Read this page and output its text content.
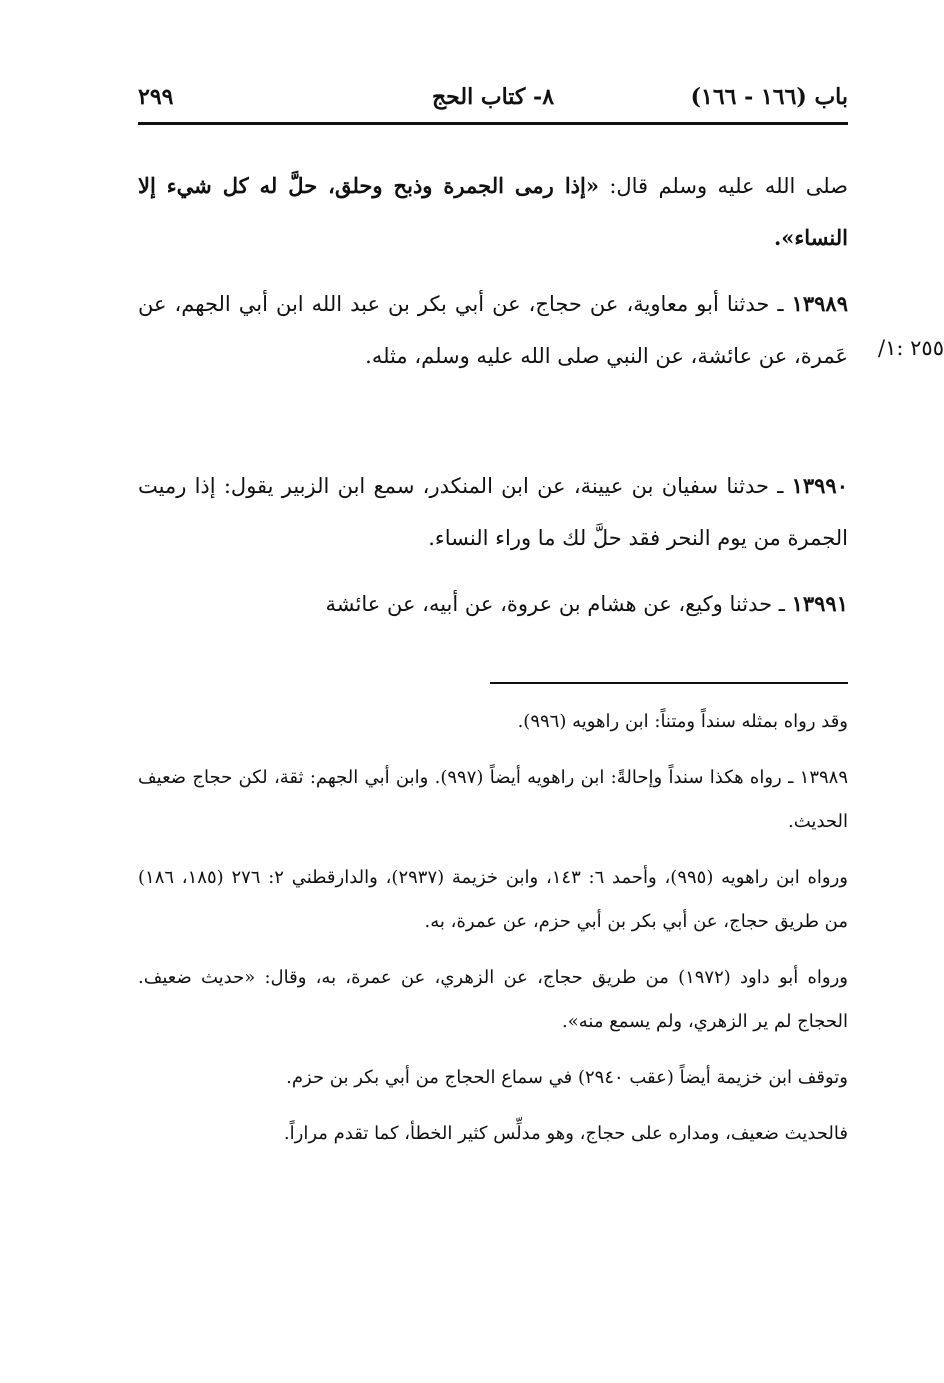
باب (١٦٦ - ١٦٦)
٨- كتاب الحج
٢٩٩

صلى الله عليه وسلم قال: «إذا رمى الجمرة وذبح وحلق، حلَّ له كل شيء إلا النساء».

١٣٩٨٩ ـ حدثنا أبو معاوية، عن حجاج، عن أبي بكر بن عبد الله ابن أبي الجهم، عن عَمرة، عن عائشة، عن النبي صلى الله عليه وسلم، مثله.	٢٥٥ :١/

١٣٩٩٠ ـ حدثنا سفيان بن عيينة، عن ابن المنكدر، سمع ابن الزبير يقول: إذا رميت الجمرة من يوم النحر فقد حلَّ لك ما وراء النساء.

١٣٩٩١ ـ حدثنا وكيع، عن هشام بن عروة، عن أبيه، عن عائشة

وقد رواه بمثله سنداً ومتناً: ابن راهويه (٩٩٦).

١٣٩٨٩ ـ رواه هكذا سنداً وإحالةً: ابن راهويه أيضاً (٩٩٧). وابن أبي الجهم: ثقة، لكن حجاج ضعيف الحديث.

ورواه ابن راهويه (٩٩٥)، وأحمد ٦: ١٤٣، وابن خزيمة (٢٩٣٧)، والدارقطني ٢: ٢٧٦ (١٨٥، ١٨٦) من طريق حجاج، عن أبي بكر بن أبي حزم، عن عمرة، به.

ورواه أبو داود (١٩٧٢) من طريق حجاج، عن الزهري، عن عمرة، به، وقال: «حديث ضعيف. الحجاج لم ير الزهري، ولم يسمع منه».

وتوقف ابن خزيمة أيضاً (عقب ٢٩٤٠) في سماع الحجاج من أبي بكر بن حزم.

فالحديث ضعيف، ومداره على حجاج، وهو مدلِّس كثير الخطأ، كما تقدم مراراً.
